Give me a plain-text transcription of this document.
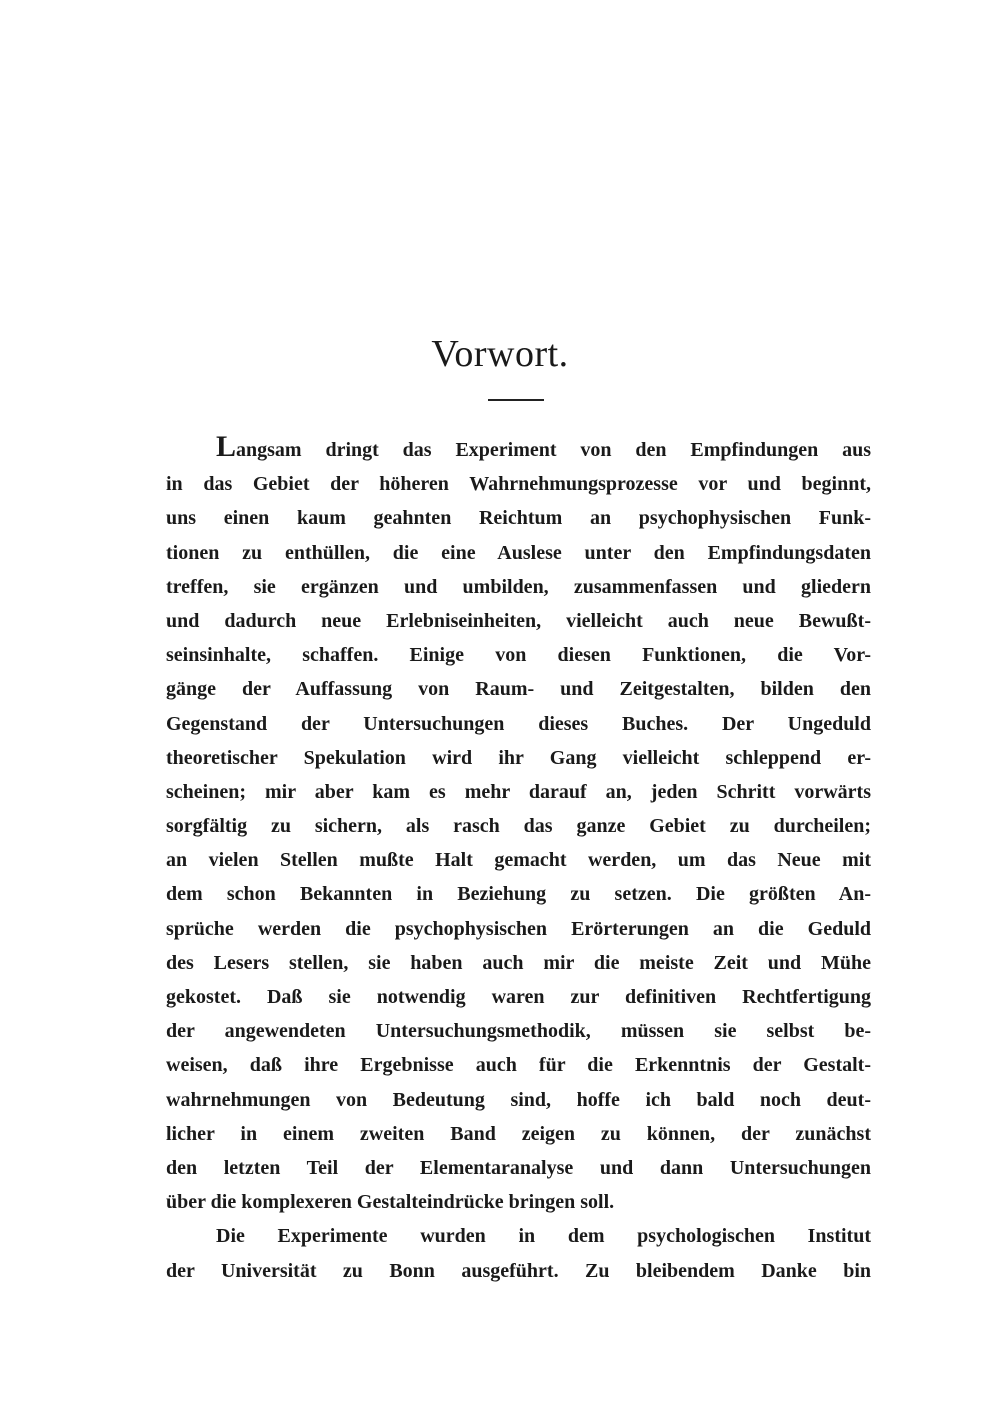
Vorwort.
Langsam dringt das Experiment von den Empfindungen aus
in das Gebiet der höheren Wahrnehmungsprozesse vor und beginnt,
uns einen kaum geahnten Reichtum an psychophysischen Funk-
tionen zu enthüllen, die eine Auslese unter den Empfindungsdaten
treffen, sie ergänzen und umbilden, zusammenfassen und gliedern
und dadurch neue Erlebniseinheiten, vielleicht auch neue Bewußt-
seinsinhalte, schaffen. Einige von diesen Funktionen, die Vor-
gänge der Auffassung von Raum- und Zeitgestalten, bilden den
Gegenstand der Untersuchungen dieses Buches. Der Ungeduld
theoretischer Spekulation wird ihr Gang vielleicht schleppend er-
scheinen; mir aber kam es mehr darauf an, jeden Schritt vorwärts
sorgfältig zu sichern, als rasch das ganze Gebiet zu durcheilen;
an vielen Stellen mußte Halt gemacht werden, um das Neue mit
dem schon Bekannten in Beziehung zu setzen. Die größten An-
sprüche werden die psychophysischen Erörterungen an die Geduld
des Lesers stellen, sie haben auch mir die meiste Zeit und Mühe
gekostet. Daß sie notwendig waren zur definitiven Rechtfertigung
der angewendeten Untersuchungsmethodik, müssen sie selbst be-
weisen, daß ihre Ergebnisse auch für die Erkenntnis der Gestalt-
wahrnehmungen von Bedeutung sind, hoffe ich bald noch deut-
licher in einem zweiten Band zeigen zu können, der zunächst
den letzten Teil der Elementaranalyse und dann Untersuchungen
über die komplexeren Gestalteindrücke bringen soll.
Die Experimente wurden in dem psychologischen Institut
der Universität zu Bonn ausgeführt. Zu bleibendem Danke bin
